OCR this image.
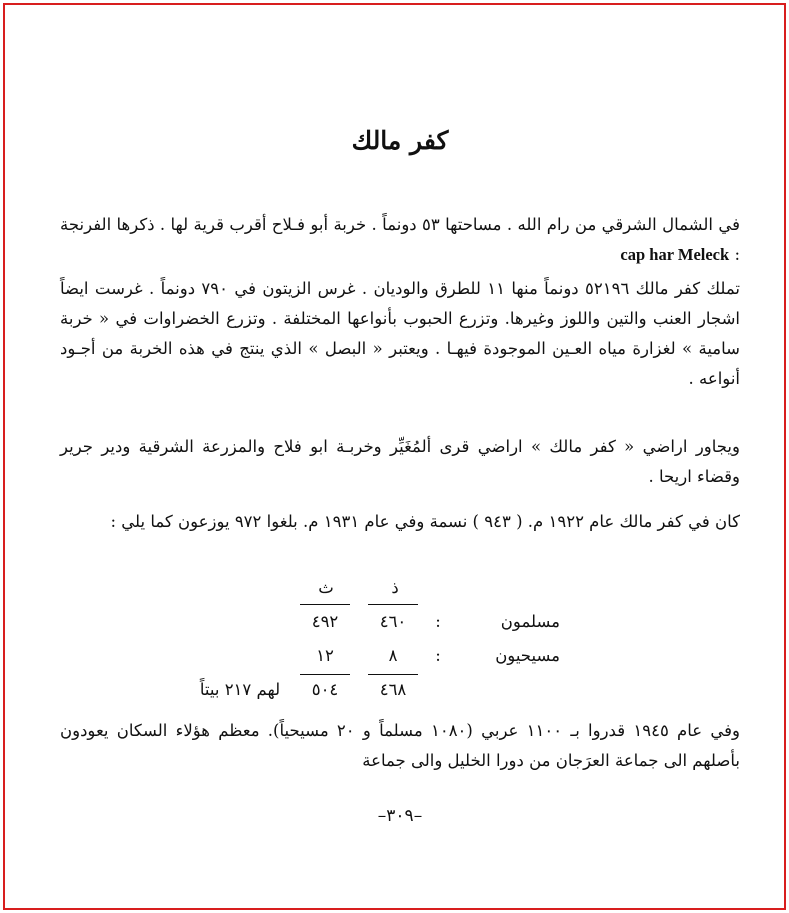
كفر مالك
في الشمال الشرقي من رام الله . مساحتها ٥٣ دونماً . خربة أبو فـلاح أقرب قرية لها . ذكرها الفرنجة : cap har Meleck
تملك كفر مالك ٥٢١٩٦ دونماً منها ١١ للطرق والوديان . غرس الزيتون في ٧٩٠ دونماً . غرست ايضاً اشجار العنب والتين واللوز وغيرها. وتزرع الحبوب بأنواعها المختلفة . وتزرع الخضراوات في « خربة سامية » لغزارة مياه العـين الموجودة فيهـا . ويعتبر « البصل » الذي ينتج في هذه الخربة من أجـود أنواعه .
ويجاور اراضي « كفر مالك » اراضي قرى ألمُغَيِّر وخربـة ابو فلاح والمزرعة الشرقية ودير جرير وقضاء اريحا .
كان في كفر مالك عام ١٩٢٢ م. ( ٩٤٣ ) نسمة وفي عام ١٩٣١ م. بلغوا ٩٧٢ يوزعون كما يلي :
ذ
ث
مسلمون
:
٤٦٠
٤٩٢
مسيحيون
:
٨
١٢
٤٦٨
٥٠٤
لهم ٢١٧ بيتاً
وفي عام ١٩٤٥ قدروا بـ ١١٠٠ عربي (١٠٨٠ مسلماً و ٢٠ مسيحياً). معظم هؤلاء السكان يعودون بأصلهم الى جماعة العرَجان من دورا الخليل والى جماعة
–٣٠٩–
